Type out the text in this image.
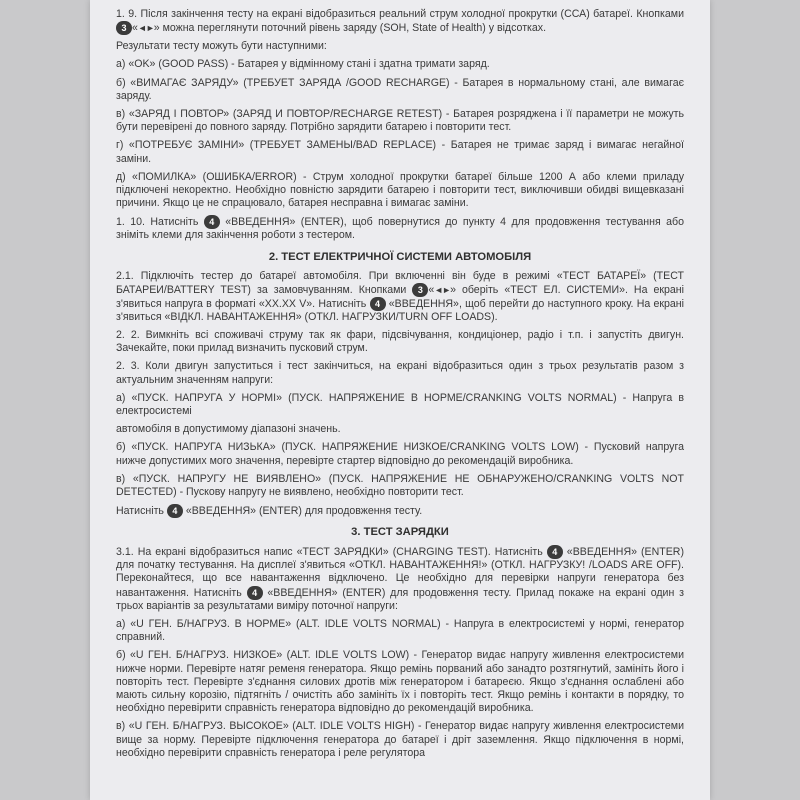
1. 9. Після закінчення тесту на екрані відобразиться реальний струм холодної прокрутки (ССА) батареї. Кнопками 3 «◄►» можна переглянути поточний рівень заряду (SOH, State of Health) у відсотках.

Результати тесту можуть бути наступними:

а) «OK» (GOOD PASS) - Батарея у відмінному стані і здатна тримати заряд.

б) «ВИМАГАЄ ЗАРЯДУ» (ТРЕБУЕТ ЗАРЯДА /GOOD RECHARGE) - Батарея в нормальному стані, але вимагає заряду.

в) «ЗАРЯД І ПОВТОР» (ЗАРЯД И ПОВТОР/RECHARGE RETEST) - Батарея розряджена і її параметри не можуть бути перевірені до повного заряду. Потрібно зарядити батарею і повторити тест.

г) «ПОТРЕБУЄ ЗАМІНИ» (ТРЕБУЕТ ЗАМЕНЫ/BAD REPLACE) - Батарея не тримає заряд і вимагає негайної заміни.

д) «ПОМИЛКА» (ОШИБКА/ERROR) - Струм холодної прокрутки батареї більше 1200 А або клеми приладу підключені некоректно. Необхідно повністю зарядити батарею і повторити тест, виключивши обидві вищевказані причини. Якщо це не спрацювало, батарея несправна і вимагає заміни.

1. 10. Натисніть 4 «ВВЕДЕННЯ» (ENTER), щоб повернутися до пункту 4 для продовження тестування або зніміть клеми для закінчення роботи з тестером.

2. ТЕСТ ЕЛЕКТРИЧНОЇ СИСТЕМИ АВТОМОБІЛЯ

2.1. Підключіть тестер до батареї автомобіля. При включенні він буде в режимі «ТЕСТ БАТАРЕЇ» (ТЕСТ БАТАРЕИ/BATTERY TEST) за замовчуванням. Кнопками 3 «◄►» оберіть «ТЕСТ ЕЛ. СИСТЕМИ». На екрані з'явиться напруга в форматі «XX.XX V». Натисніть 4 «ВВЕДЕННЯ», щоб перейти до наступного кроку. На екрані з'явиться «ВІДКЛ. НАВАНТАЖЕННЯ» (ОТКЛ. НАГРУЗКИ/TURN OFF LOADS).

2. 2. Вимкніть всі споживачі струму так як фари, підсвічування, кондиціонер, радіо і т.п. і запустіть двигун. Зачекайте, поки прилад визначить пусковий струм.

2. 3. Коли двигун запуститься і тест закінчиться, на екрані відобразиться один з трьох результатів разом з актуальним значенням напруги:

а) «ПУСК. НАПРУГА У НОРМІ» (ПУСК. НАПРЯЖЕНИЕ В НОРМЕ/CRANKING VOLTS NORMAL) - Напруга в електросистемі

автомобіля в допустимому діапазоні значень.

б) «ПУСК. НАПРУГА НИЗЬКА» (ПУСК. НАПРЯЖЕНИЕ НИЗКОЕ/CRANKING VOLTS LOW) - Пусковий напруга нижче допустимих мого значення, перевірте стартер відповідно до рекомендацій виробника.

в) «ПУСК. НАПРУГУ НЕ ВИЯВЛЕНО» (ПУСК. НАПРЯЖЕНИЕ НЕ ОБНАРУЖЕНО/CRANKING VOLTS NOT DETECTED) - Пускову напругу не виявлено, необхідно повторити тест.

Натисніть 4 «ВВЕДЕННЯ» (ENTER) для продовження тесту.

3. ТЕСТ ЗАРЯДКИ

3.1. На екрані відобразиться напис «ТЕСТ ЗАРЯДКИ» (CHARGING TEST). Натисніть 4 «ВВЕДЕННЯ» (ENTER) для початку тестування. На дисплеї з'явиться «ОТКЛ. НАВАНТАЖЕННЯ!» (ОТКЛ. НАГРУЗКУ! /LOADS ARE OFF). Переконайтеся, що все навантаження відключено. Це необхідно для перевірки напруги генератора без навантаження. Натисніть 4 «ВВЕДЕННЯ» (ENTER) для продовження тесту. Прилад покаже на екрані один з трьох варіантів за результатами виміру поточної напруги:

а) «U ГЕН. Б/НАГРУЗ. В НОРМЕ» (ALT. IDLE VOLTS NORMAL) - Напруга в електросистемі у нормі, генератор справний.

б) «U ГЕН. Б/НАГРУЗ. НИЗКОЕ» (ALT. IDLE VOLTS LOW) - Генератор видає напругу живлення електросистеми нижче норми. Перевірте натяг ременя генератора. Якщо ремінь порваний або занадто розтягнутий, замініть його і повторіть тест. Перевірте з'єднання силових дротів між генератором і батареєю. Якщо з'єднання ослаблені або мають сильну корозію, підтягніть / очистіть або замініть їх і повторіть тест. Якщо ремінь і контакти в порядку, то необхідно перевірити справність генератора відповідно до рекомендацій виробника.

в) «U ГЕН. Б/НАГРУЗ. ВЫСОКОЕ» (ALT. IDLE VOLTS HIGH) - Генератор видає напругу живлення електросистеми вище за норму. Перевірте підключення генератора до батареї і дріт заземлення. Якщо підключення в нормі, необхідно перевірити справність генератора і реле регулятора
